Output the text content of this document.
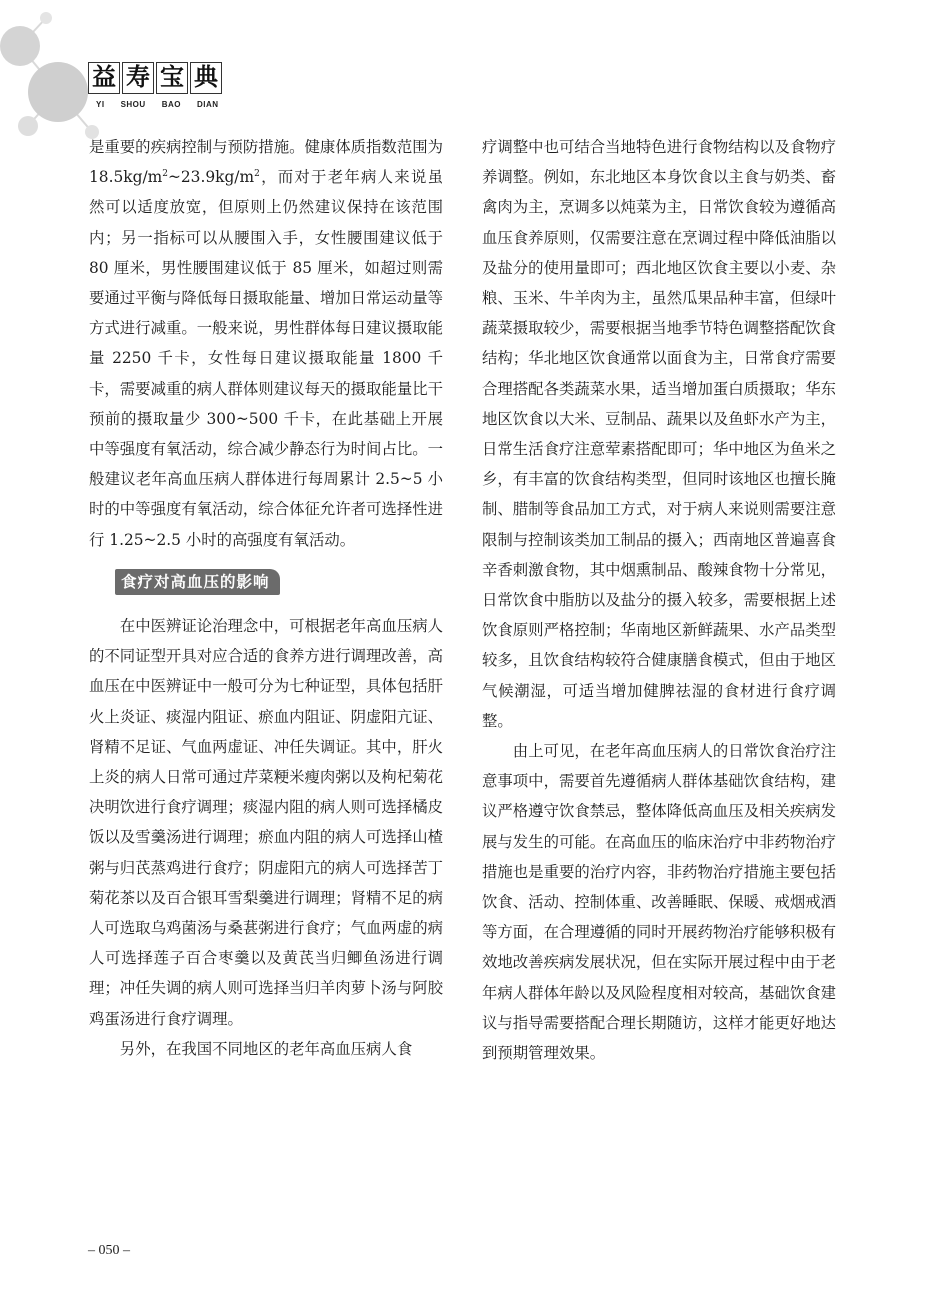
益 寿 宝 典
YI SHOU BAO DIAN

是重要的疾病控制与预防措施。健康体质指数范围为 $18.5kg/m^2\sim 23.9kg/m^2$，而对于老年病人来说虽然可以适度放宽，但原则上仍然建议保持在该范围内；另一指标可以从腰围入手，女性腰围建议低于 80 厘米，男性腰围建议低于 85 厘米，如超过则需要通过平衡与降低每日摄取能量、增加日常运动量等方式进行减重。一般来说，男性群体每日建议摄取能量 2250 千卡，女性每日建议摄取能量 1800 千卡，需要减重的病人群体则建议每天的摄取能量比干预前的摄取量少 300~500 千卡，在此基础上开展中等强度有氧活动，综合减少静态行为时间占比。一般建议老年高血压病人群体进行每周累计 2.5~5 小时的中等强度有氧活动，综合体征允许者可选择性进行 1.25~2.5 小时的高强度有氧活动。

食疗对高血压的影响

在中医辨证论治理念中，可根据老年高血压病人的不同证型开具对应合适的食养方进行调理改善，高血压在中医辨证中一般可分为七种证型，具体包括肝火上炎证、痰湿内阻证、瘀血内阻证、阴虚阳亢证、肾精不足证、气血两虚证、冲任失调证。其中，肝火上炎的病人日常可通过芹菜粳米瘦肉粥以及枸杞菊花决明饮进行食疗调理；痰湿内阻的病人则可选择橘皮饭以及雪羹汤进行调理；瘀血内阻的病人可选择山楂粥与归芪蒸鸡进行食疗；阴虚阳亢的病人可选择苦丁菊花茶以及百合银耳雪梨羹进行调理；肾精不足的病人可选取乌鸡菌汤与桑葚粥进行食疗；气血两虚的病人可选择莲子百合枣羹以及黄芪当归鲫鱼汤进行调理；冲任失调的病人则可选择当归羊肉萝卜汤与阿胶鸡蛋汤进行食疗调理。

另外，在我国不同地区的老年高血压病人食

疗调整中也可结合当地特色进行食物结构以及食物疗养调整。例如，东北地区本身饮食以主食与奶类、畜禽肉为主，烹调多以炖菜为主，日常饮食较为遵循高血压食养原则，仅需要注意在烹调过程中降低油脂以及盐分的使用量即可；西北地区饮食主要以小麦、杂粮、玉米、牛羊肉为主，虽然瓜果品种丰富，但绿叶蔬菜摄取较少，需要根据当地季节特色调整搭配饮食结构；华北地区饮食通常以面食为主，日常食疗需要合理搭配各类蔬菜水果，适当增加蛋白质摄取；华东地区饮食以大米、豆制品、蔬果以及鱼虾水产为主，日常生活食疗注意荤素搭配即可；华中地区为鱼米之乡，有丰富的饮食结构类型，但同时该地区也擅长腌制、腊制等食品加工方式，对于病人来说则需要注意限制与控制该类加工制品的摄入；西南地区普遍喜食辛香刺激食物，其中烟熏制品、酸辣食物十分常见，日常饮食中脂肪以及盐分的摄入较多，需要根据上述饮食原则严格控制；华南地区新鲜蔬果、水产品类型较多，且饮食结构较符合健康膳食模式，但由于地区气候潮湿，可适当增加健脾祛湿的食材进行食疗调整。

由上可见，在老年高血压病人的日常饮食治疗注意事项中，需要首先遵循病人群体基础饮食结构，建议严格遵守饮食禁忌，整体降低高血压及相关疾病发展与发生的可能。在高血压的临床治疗中非药物治疗措施也是重要的治疗内容，非药物治疗措施主要包括饮食、活动、控制体重、改善睡眠、保暖、戒烟戒酒等方面，在合理遵循的同时开展药物治疗能够积极有效地改善疾病发展状况，但在实际开展过程中由于老年病人群体年龄以及风险程度相对较高，基础饮食建议与指导需要搭配合理长期随访，这样才能更好地达到预期管理效果。

– 050 –
